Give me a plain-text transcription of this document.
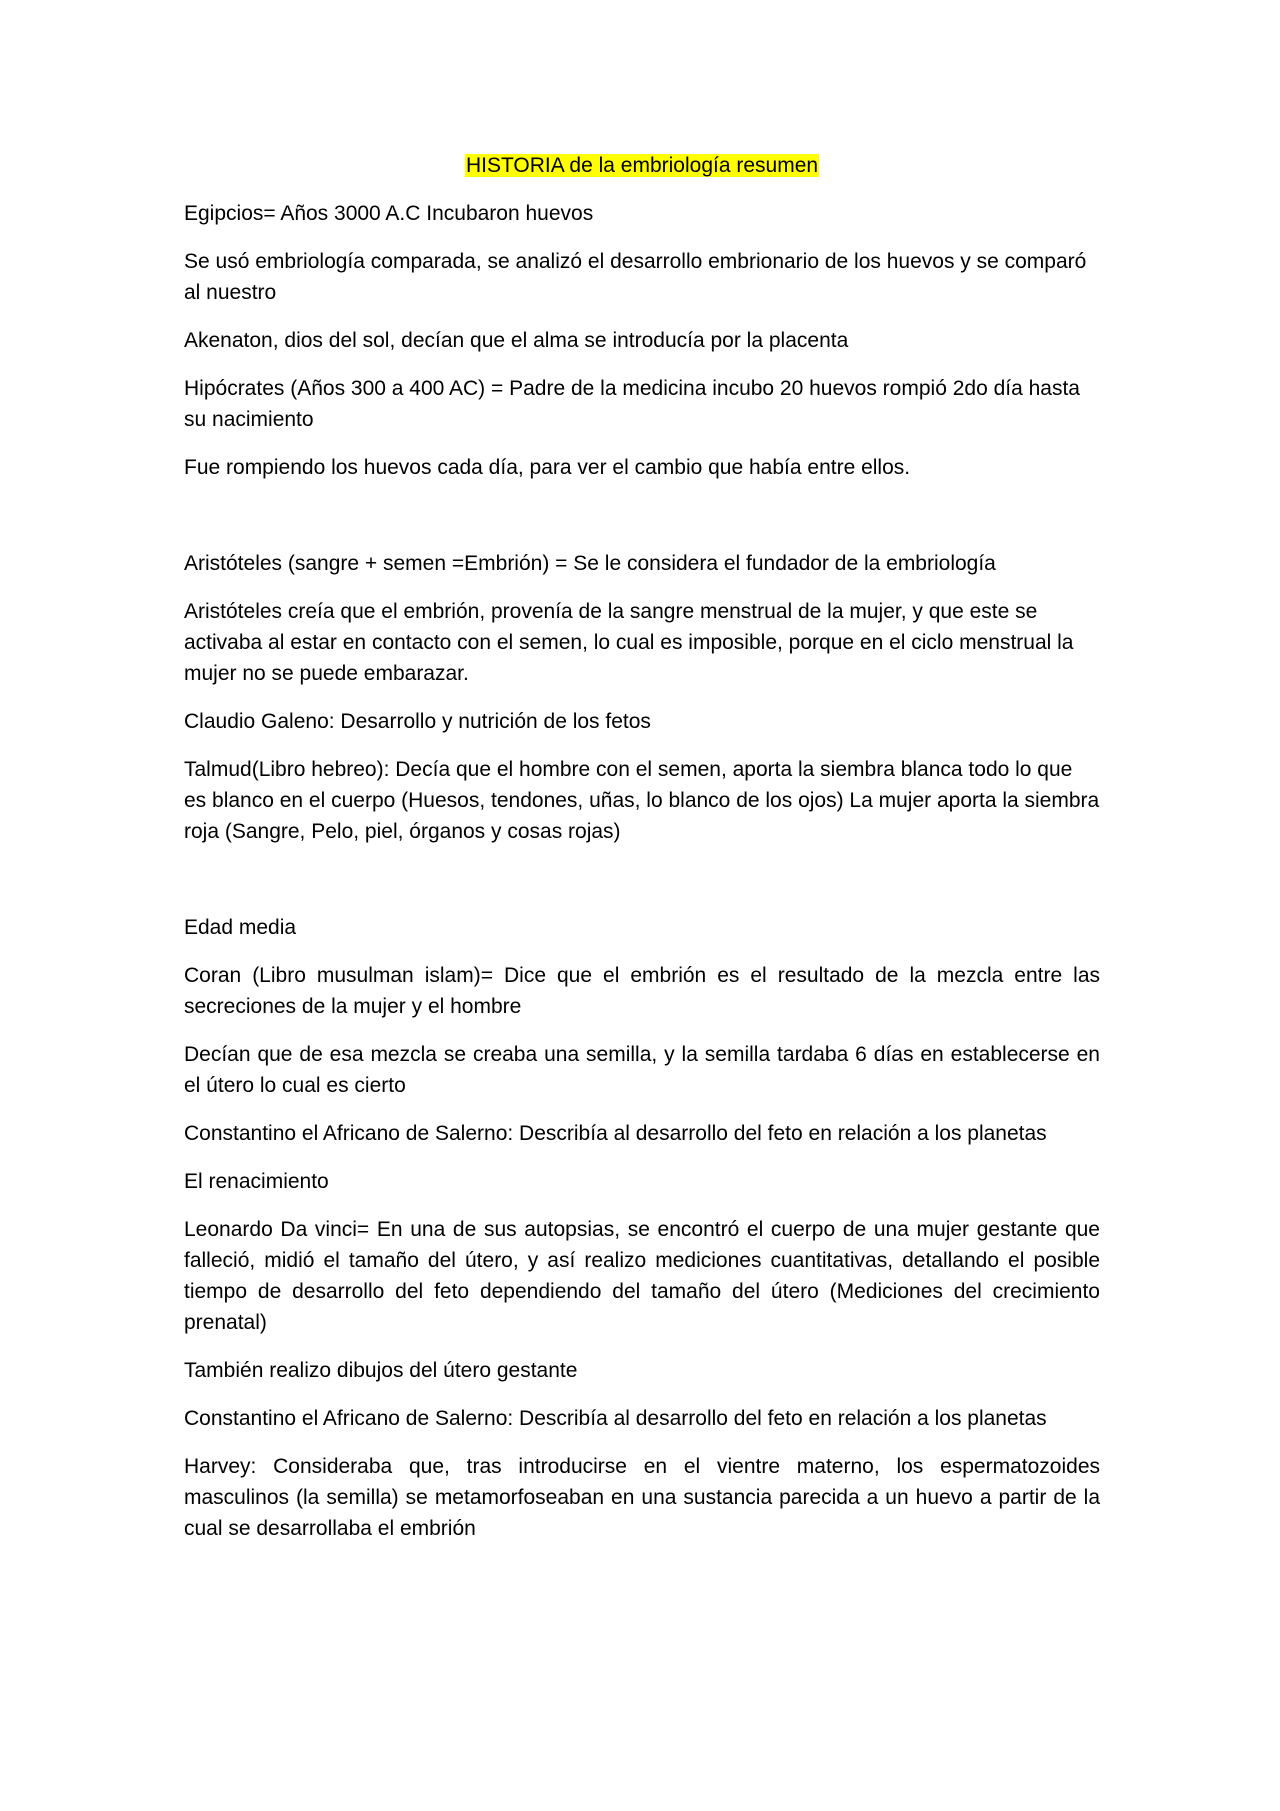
HISTORIA de la embriología resumen

Egipcios= Años 3000 A.C Incubaron huevos

Se usó embriología comparada, se analizó el desarrollo embrionario de los huevos y se comparó al nuestro

Akenaton, dios del sol, decían que el alma se introducía por la placenta

Hipócrates (Años 300 a 400 AC) = Padre de la medicina incubo 20 huevos rompió 2do día hasta su nacimiento

Fue rompiendo los huevos cada día, para ver el cambio que había entre ellos.

Aristóteles (sangre + semen =Embrión) = Se le considera el fundador de la embriología

Aristóteles creía que el embrión, provenía de la sangre menstrual de la mujer, y que este se activaba al estar en contacto con el semen, lo cual es imposible, porque en el ciclo menstrual la mujer no se puede embarazar.

Claudio Galeno: Desarrollo y nutrición de los fetos

Talmud(Libro hebreo): Decía que el hombre con el semen, aporta la siembra blanca todo lo que es blanco en el cuerpo (Huesos, tendones, uñas, lo blanco de los ojos) La mujer aporta la siembra roja (Sangre, Pelo, piel, órganos y cosas rojas)

Edad media

Coran (Libro musulman islam)= Dice que el embrión es el resultado de la mezcla entre las secreciones de la mujer y el hombre

Decían que de esa mezcla se creaba una semilla, y la semilla tardaba 6 días en establecerse en el útero lo cual es cierto

Constantino el Africano de Salerno: Describía al desarrollo del feto en relación a los planetas

El renacimiento

Leonardo Da vinci= En una de sus autopsias, se encontró el cuerpo de una mujer gestante que falleció, midió el tamaño del útero, y así realizo mediciones cuantitativas, detallando el posible tiempo de desarrollo del feto dependiendo del tamaño del útero (Mediciones del crecimiento prenatal)

También realizo dibujos del útero gestante

Constantino el Africano de Salerno: Describía al desarrollo del feto en relación a los planetas

Harvey: Consideraba que, tras introducirse en el vientre materno, los espermatozoides masculinos (la semilla) se metamorfoseaban en una sustancia parecida a un huevo a partir de la cual se desarrollaba el embrión
